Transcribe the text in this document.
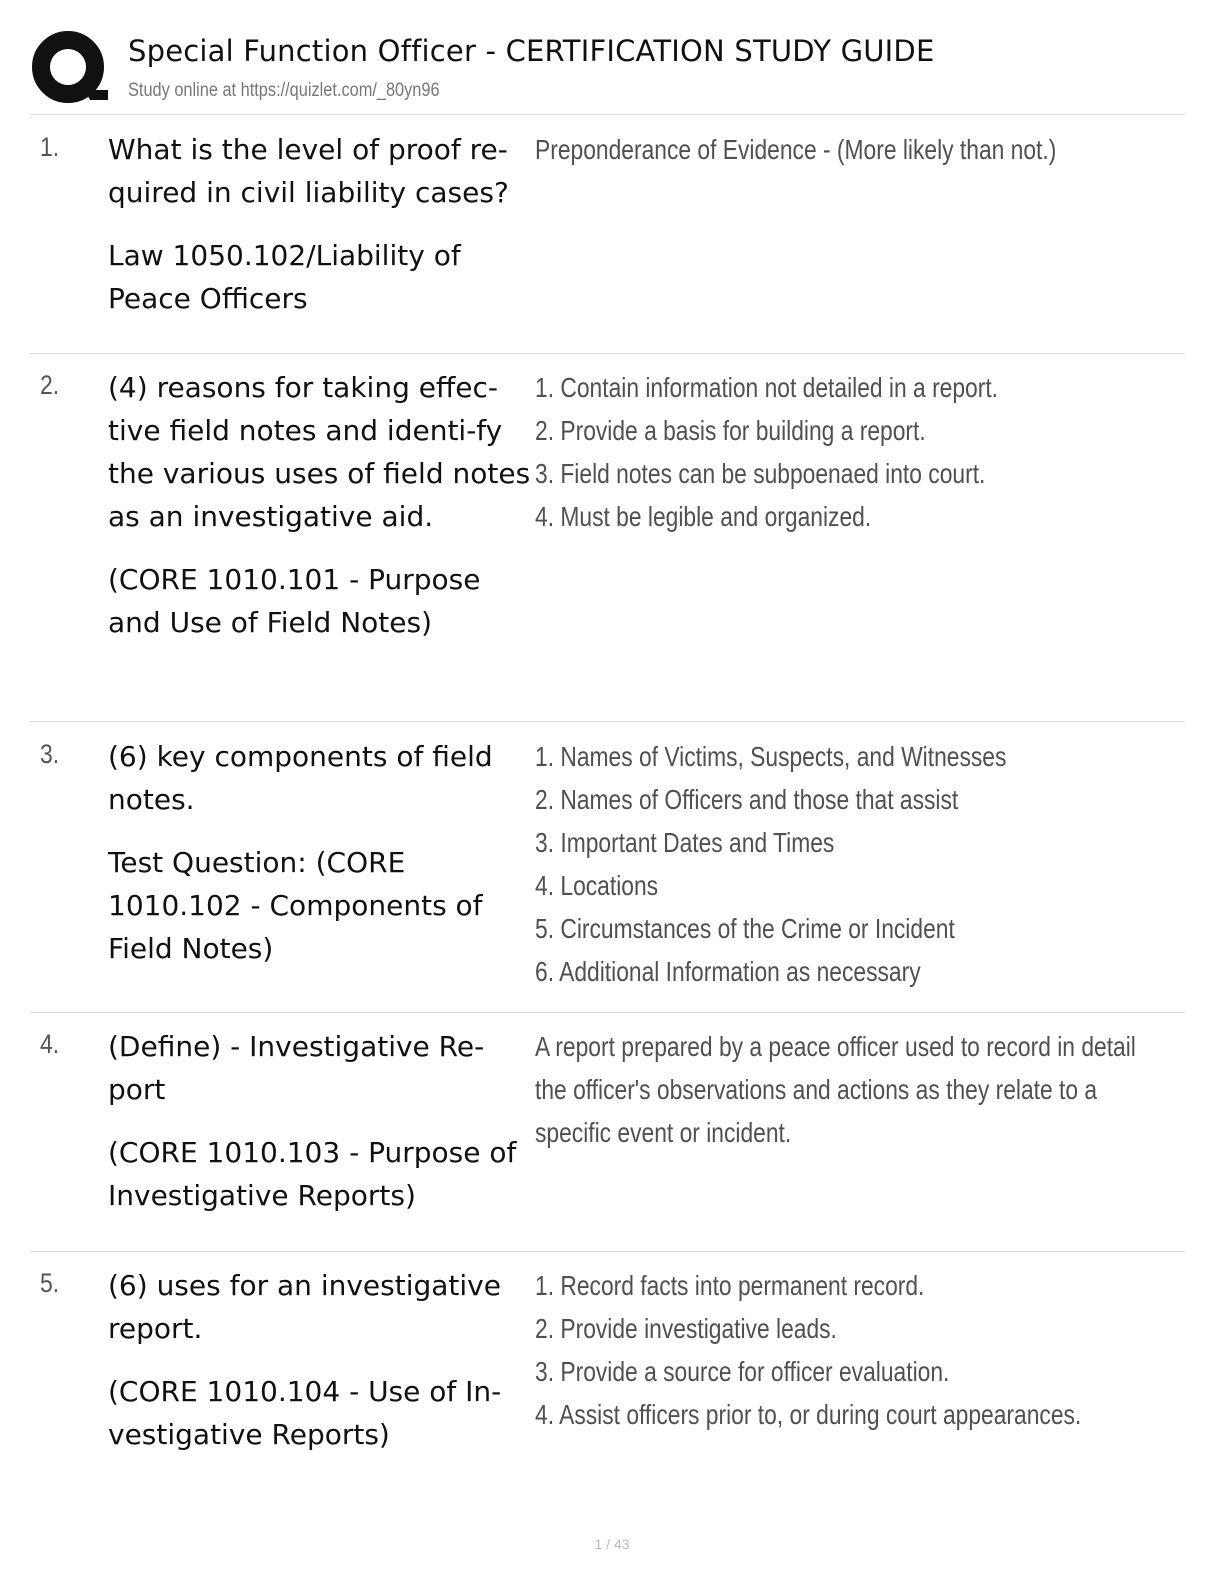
Special Function Officer - CERTIFICATION STUDY GUIDE
Study online at https://quizlet.com/_80yn96
1. What is the level of proof re-quired in civil liability cases?

Law 1050.102/Liability of Peace Officers

Preponderance of Evidence - (More likely than not.)

2. (4) reasons for taking effec-tive field notes and identi-fy the various uses of field notes as an investigative aid.

(CORE 1010.101 - Purpose and Use of Field Notes)

1. Contain information not detailed in a report.

2. Provide a basis for building a report.

3. Field notes can be subpoenaed into court.

4. Must be legible and organized.

3. (6) key components of field notes.

Test Question: (CORE 1010.102 - Components of Field Notes)

1. Names of Victims, Suspects, and Witnesses

2. Names of Officers and those that assist

3. Important Dates and Times

4. Locations

5. Circumstances of the Crime or Incident

6. Additional Information as necessary

4. (Define) - Investigative Re-port

(CORE 1010.103 - Purpose of Investigative Reports)

A report prepared by a peace officer used to record in detail the officer's observations and actions as they relate to a specific event or incident.

5. (6) uses for an investigative report.

(CORE 1010.104 - Use of In-vestigative Reports)

1. Record facts into permanent record.

2. Provide investigative leads.

3. Provide a source for officer evaluation.

4. Assist officers prior to, or during court appearances.

1 / 43
